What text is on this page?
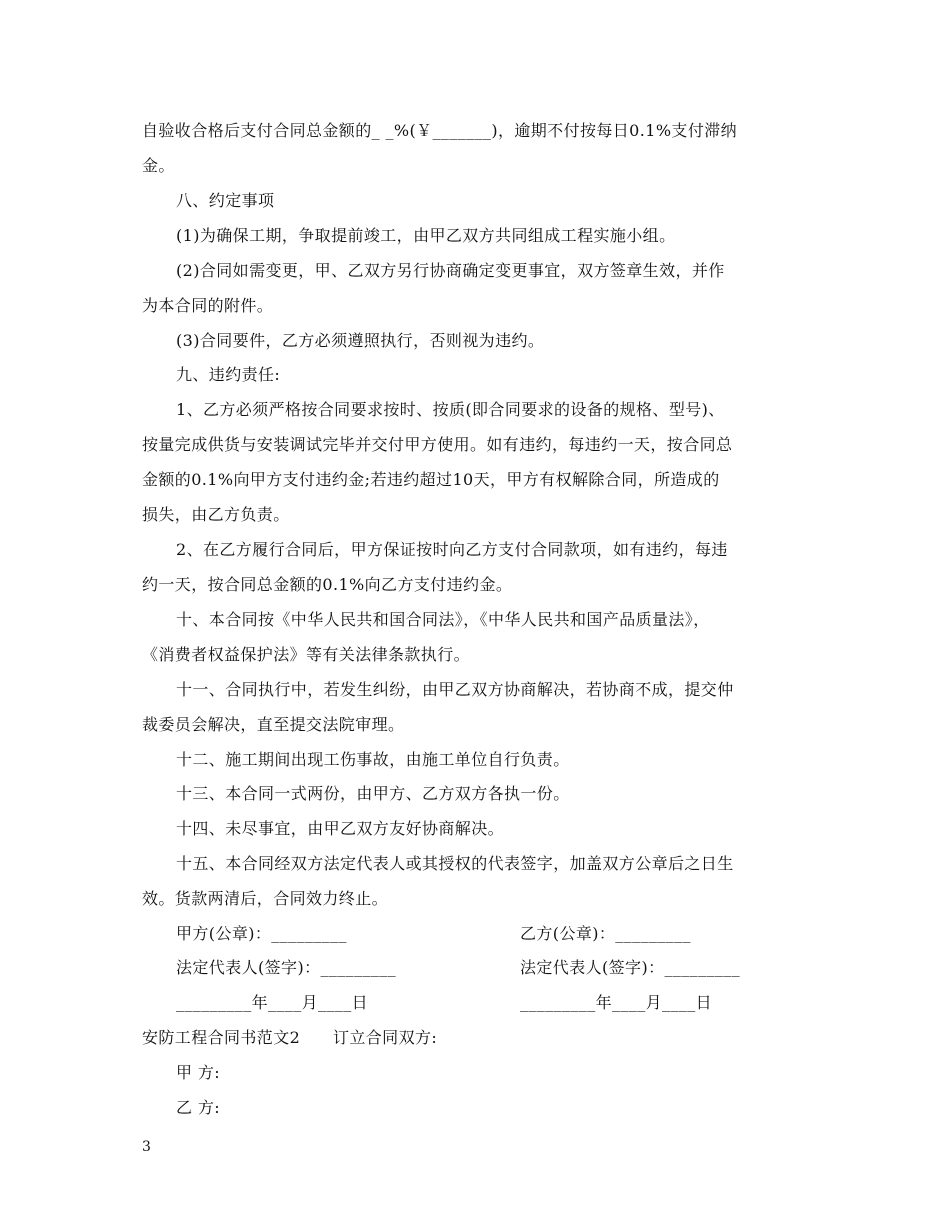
自验收合格后支付合同总金额的_ _%(￥_______)，逾期不付按每日0.1%支付滞纳
金。
八、约定事项
(1)为确保工期，争取提前竣工，由甲乙双方共同组成工程实施小组。
(2)合同如需变更，甲、乙双方另行协商确定变更事宜，双方签章生效，并作
为本合同的附件。
(3)合同要件，乙方必须遵照执行，否则视为违约。
九、违约责任:
1、乙方必须严格按合同要求按时、按质(即合同要求的设备的规格、型号)、
按量完成供货与安装调试完毕并交付甲方使用。如有违约，每违约一天，按合同总
金额的0.1%向甲方支付违约金;若违约超过10天，甲方有权解除合同，所造成的
损失，由乙方负责。
2、在乙方履行合同后，甲方保证按时向乙方支付合同款项，如有违约，每违
约一天，按合同总金额的0.1%向乙方支付违约金。
十、本合同按《中华人民共和国合同法》，《中华人民共和国产品质量法》，
《消费者权益保护法》等有关法律条款执行。
十一、合同执行中，若发生纠纷，由甲乙双方协商解决，若协商不成，提交仲
裁委员会解决，直至提交法院审理。
十二、施工期间出现工伤事故，由施工单位自行负责。
十三、本合同一式两份，由甲方、乙方双方各执一份。
十四、未尽事宜，由甲乙双方友好协商解决。
十五、本合同经双方法定代表人或其授权的代表签字，加盖双方公章后之日生
效。货款两清后，合同效力终止。
甲方(公章)：_________	乙方(公章)：_________
法定代表人(签字)：_________	法定代表人(签字)：_________
_________年____月____日	_________年____月____日
安防工程合同书范文2　　订立合同双方:
甲 方:
乙 方:
3
